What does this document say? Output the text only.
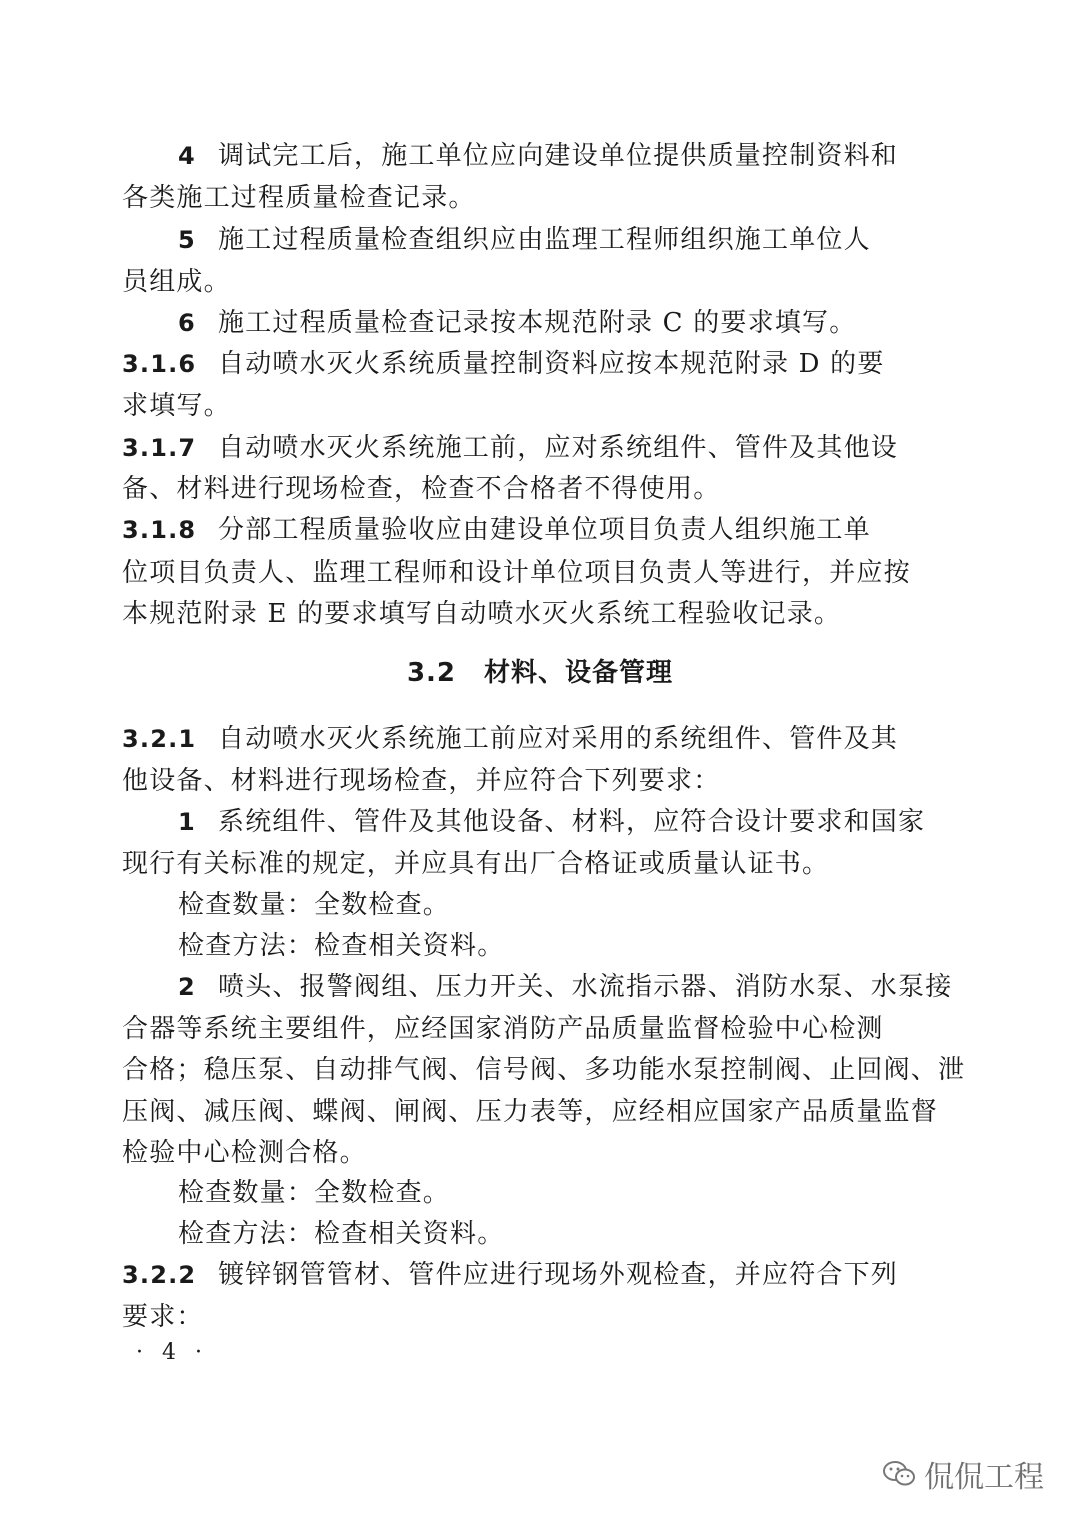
4 调试完工后，施工单位应向建设单位提供质量控制资料和
各类施工过程质量检查记录。
5 施工过程质量检查组织应由监理工程师组织施工单位人
员组成。
6 施工过程质量检查记录按本规范附录 C 的要求填写。
3.1.6 自动喷水灭火系统质量控制资料应按本规范附录 D 的要
求填写。
3.1.7 自动喷水灭火系统施工前，应对系统组件、管件及其他设
备、材料进行现场检查，检查不合格者不得使用。
3.1.8 分部工程质量验收应由建设单位项目负责人组织施工单
位项目负责人、监理工程师和设计单位项目负责人等进行，并应按
本规范附录 E 的要求填写自动喷水灭火系统工程验收记录。
3.2 材料、设备管理
3.2.1 自动喷水灭火系统施工前应对采用的系统组件、管件及其
他设备、材料进行现场检查，并应符合下列要求：
1 系统组件、管件及其他设备、材料，应符合设计要求和国家
现行有关标准的规定，并应具有出厂合格证或质量认证书。
检查数量：全数检查。
检查方法：检查相关资料。
2 喷头、报警阀组、压力开关、水流指示器、消防水泵、水泵接
合器等系统主要组件，应经国家消防产品质量监督检验中心检测
合格；稳压泵、自动排气阀、信号阀、多功能水泵控制阀、止回阀、泄
压阀、减压阀、蝶阀、闸阀、压力表等，应经相应国家产品质量监督
检验中心检测合格。
检查数量：全数检查。
检查方法：检查相关资料。
3.2.2 镀锌钢管管材、管件应进行现场外观检查，并应符合下列
要求：
· 4 ·
侃侃工程
